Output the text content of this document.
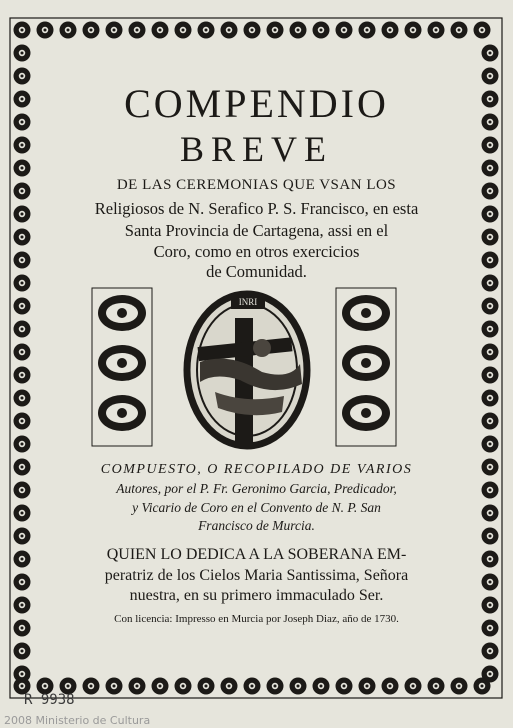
INRI
COMPENDIO
BREVE
DE LAS CEREMONIAS QUE VSAN LOS
Religiosos de N. Serafico P. S. Francisco, en esta
Santa Provincia de Cartagena, assi en el
Coro, como en otros exercicios
de Comunidad.
COMPUESTO, O RECOPILADO DE VARIOS
Autores, por el P. Fr. Geronimo Garcia, Predicador,
y Vicario de Coro en el Convento de N. P. San
Francisco de Murcia.
QUIEN LO DEDICA A LA SOBERANA EM-
peratriz de los Cielos Maria Santissima, Señora
nuestra, en su primero immaculado Ser.
Con licencia: Impresso en Murcia por Joseph Diaz, año de 1730.
R 9938
2008 Ministerio de Cultura
